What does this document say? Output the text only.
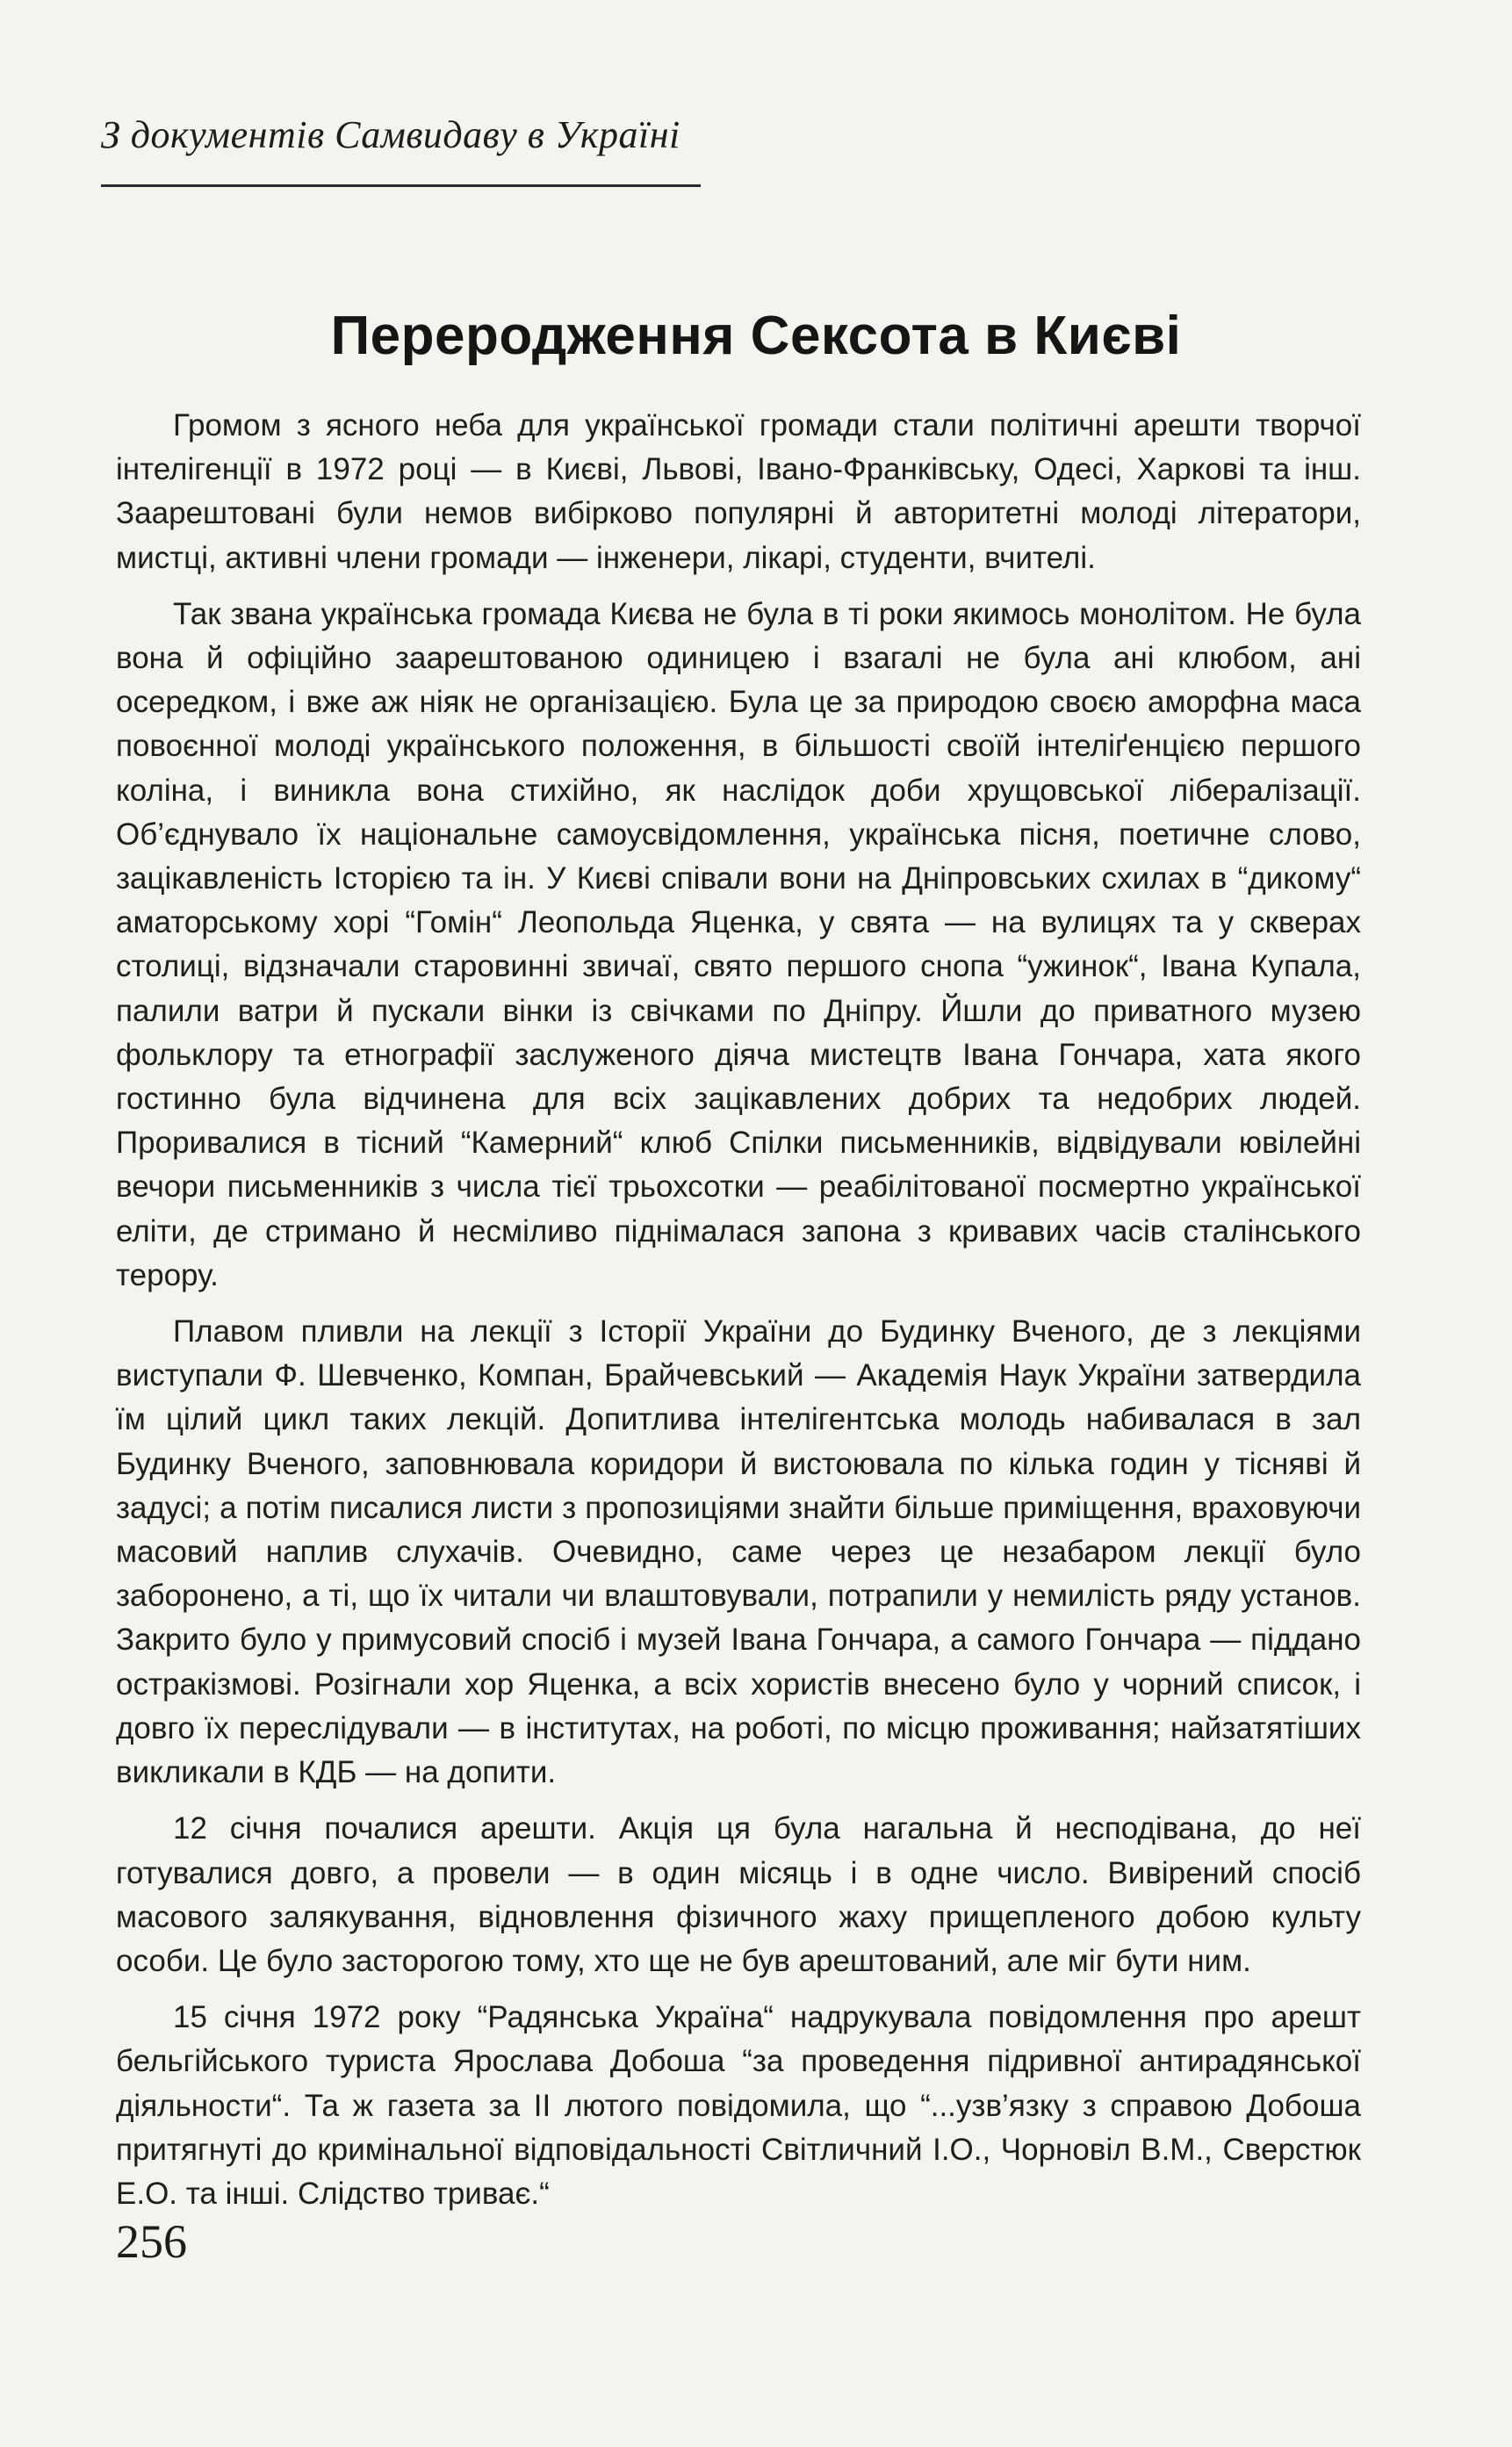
З документів Самвидаву в Україні
Переродження Сексота в Києві

Громом з ясного неба для української громади стали політичні арешти творчої інтелігенції в 1972 році — в Києві, Львові, Івано-Франківську, Одесі, Харкові та інш. Заарештовані були немов вибірково популярні й авторитетні молоді літератори, мистці, активні члени громади — інженери, лікарі, студенти, вчителі.

Так звана українська громада Києва не була в ті роки якимось монолітом. Не була вона й офіційно заарештованою одиницею і взагалі не була ані клюбом, ані осередком, і вже аж ніяк не організацією. Була це за природою своєю аморфна маса повоєнної молоді українського положення, в більшості своїй інтеліґенцією першого коліна, і виникла вона стихійно, як наслідок доби хрущовської лібералізації. Об’єднувало їх національне самоусвідомлення, українська пісня, поетичне слово, зацікавленість Історією та ін. У Києві співали вони на Дніпровських схилах в “дикому“ аматорському хорі “Гомін“ Леопольда Яценка, у свята — на вулицях та у скверах столиці, відзначали старовинні звичаї, свято першого снопа “ужинок“, Івана Купала, палили ватри й пускали вінки із свічками по Дніпру. Йшли до приватного музею фольклору та етнографії заслуженого діяча мистецтв Івана Гончара, хата якого гостинно була відчинена для всіх зацікавлених добрих та недобрих людей. Проривалися в тісний “Камерний“ клюб Спілки письменників, відвідували ювілейні вечори письменників з числа тієї трьохсотки — реабілітованої посмертно української еліти, де стримано й несміливо піднімалася запона з кривавих часів сталінського терору.

Плавом пливли на лекції з Історії України до Будинку Вченого, де з лекціями виступали Ф. Шевченко, Компан, Брайчевський — Академія Наук України затвердила їм цілий цикл таких лекцій. Допитлива інтелігентська молодь набивалася в зал Будинку Вченого, заповнювала коридори й вистоювала по кілька годин у тісняві й задусі; а потім писалися листи з пропозиціями знайти більше приміщення, враховуючи масовий наплив слухачів. Очевидно, саме через це незабаром лекції було заборонено, а ті, що їх читали чи влаштовували, потрапили у немилість ряду установ. Закрито було у примусовий спосіб і музей Івана Гончара, а самого Гончара — піддано остракізмові. Розігнали хор Яценка, а всіх хористів внесено було у чорний список, і довго їх переслідували — в інститутах, на роботі, по місцю проживання; найзатятіших викликали в КДБ — на допити.

12 січня почалися арешти. Акція ця була нагальна й несподівана, до неї готувалися довго, а провели — в один місяць і в одне число. Вивірений спосіб масового залякування, відновлення фізичного жаху прищепленого добою культу особи. Це було засторогою тому, хто ще не був арештований, але міг бути ним.

15 січня 1972 року “Радянська Україна“ надрукувала повідомлення про арешт бельгійського туриста Ярослава Добоша “за проведення підривної антирадянської діяльности“. Та ж газета за ІІ лютого повідомила, що “...узв’язку з справою Добоша притягнуті до кримінальної відповідальності Світличний І.О., Чорновіл В.М., Сверстюк Е.О. та інші. Слідство триває.“

256
